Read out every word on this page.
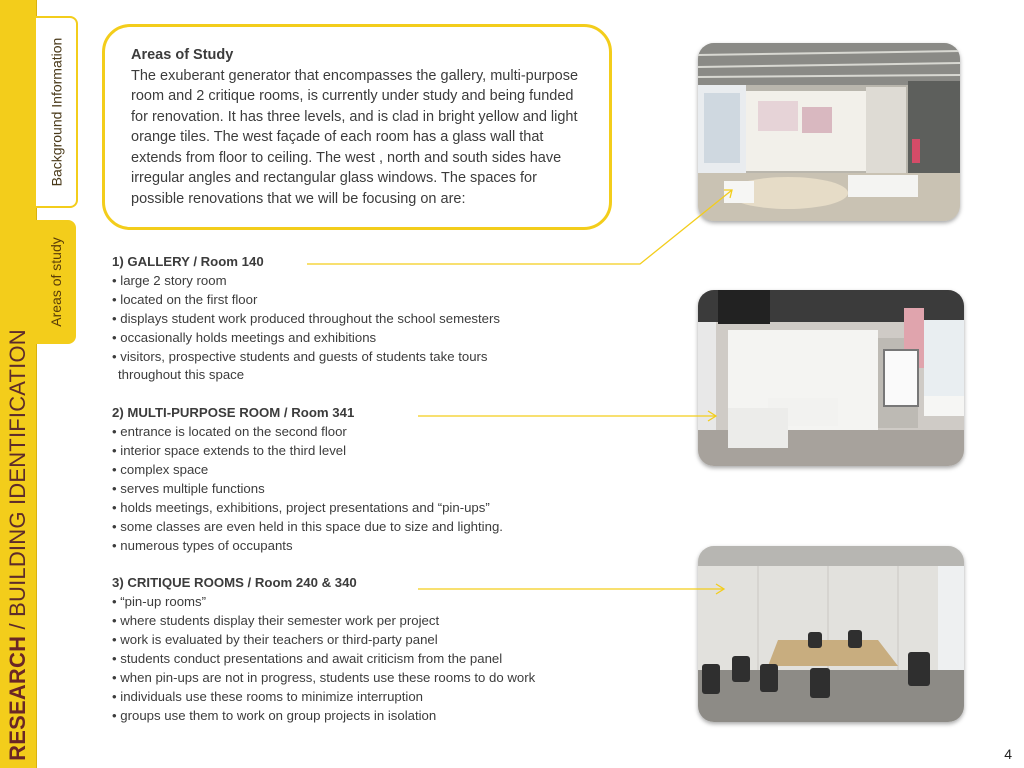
RESEARCH / BUILDING IDENTIFICATION
Background Information
Areas of study
Areas of Study
The exuberant generator that encompasses the gallery, multi-purpose room and 2 critique rooms, is currently under study and being funded for renovation. It has three levels, and is clad in bright yellow and light orange tiles. The west façade of each room has a glass wall that extends from floor to ceiling. The west , north and south sides have irregular angles and rectangular glass windows. The spaces for possible renovations that we will be focusing on are:
1) GALLERY / Room 140
• large 2 story room
• located on the first floor
• displays student work produced throughout the school semesters
• occasionally holds meetings and exhibitions
• visitors, prospective students and guests of students take tours
throughout this space
2) MULTI-PURPOSE ROOM / Room 341
• entrance is located on the second floor
• interior space extends to the third level
• complex space
• serves multiple functions
• holds meetings, exhibitions, project presentations and “pin-ups”
• some classes are even held in this space due to size and lighting.
• numerous types of occupants
3) CRITIQUE ROOMS / Room 240 & 340
• “pin-up rooms”
• where students display their semester work per project
• work is evaluated by their teachers or third-party panel
• students conduct presentations and await criticism from the panel
• when pin-ups are not in progress, students use these rooms to do work
• individuals use these rooms to minimize interruption
• groups use them to work on group projects in isolation
4
